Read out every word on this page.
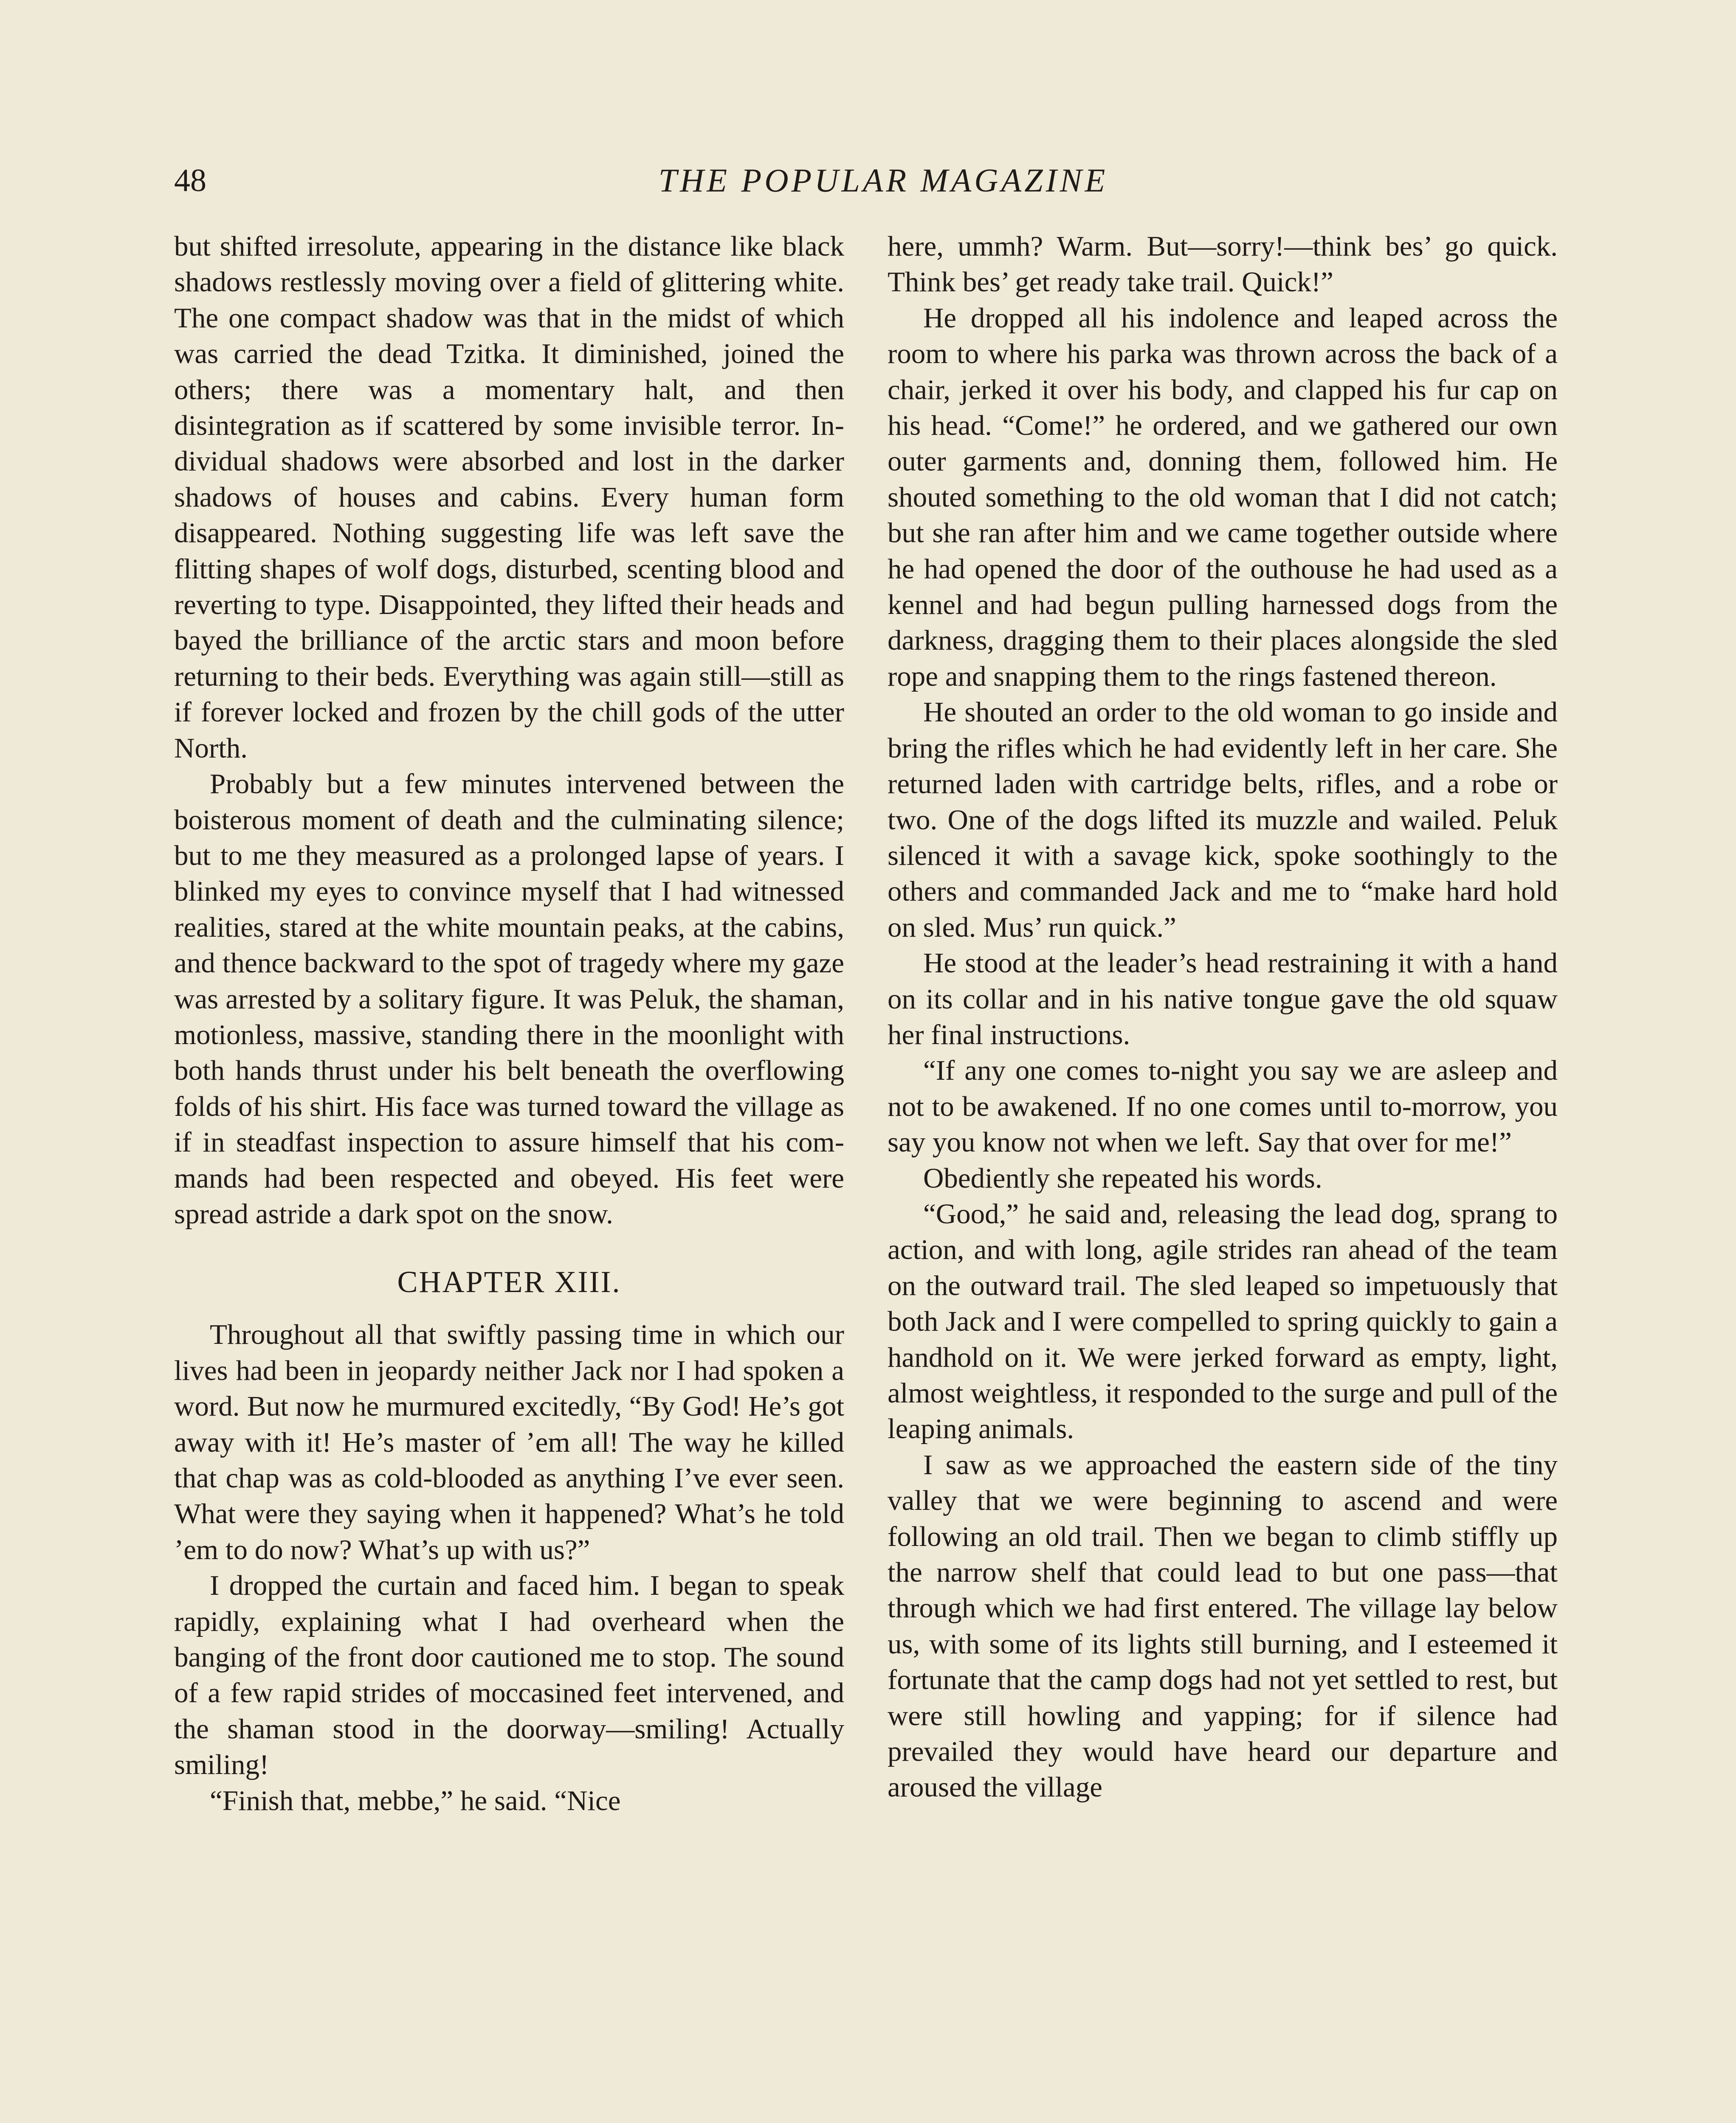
48	THE POPULAR MAGAZINE

but shifted irresolute, appearing in the distance like black shadows restlessly moving over a field of glittering white. The one compact shadow was that in the midst of which was carried the dead Tzitka. It diminished, joined the others; there was a momentary halt, and then disintegration as if scattered by some invisible terror. Individual shadows were absorbed and lost in the darker shadows of houses and cabins. Every human form disappeared. Nothing suggesting life was left save the flitting shapes of wolf dogs, disturbed, scenting blood and reverting to type. Disappointed, they lifted their heads and bayed the brilliance of the arctic stars and moon before returning to their beds. Everything was again still—still as if forever locked and frozen by the chill gods of the utter North.

Probably but a few minutes intervened between the boisterous moment of death and the culminating silence; but to me they measured as a prolonged lapse of years. I blinked my eyes to convince myself that I had witnessed realities, stared at the white mountain peaks, at the cabins, and thence backward to the spot of tragedy where my gaze was arrested by a solitary figure. It was Peluk, the shaman, motionless, massive, standing there in the moonlight with both hands thrust under his belt beneath the overflowing folds of his shirt. His face was turned toward the village as if in steadfast inspection to assure himself that his commands had been respected and obeyed. His feet were spread astride a dark spot on the snow.

CHAPTER XIII.

Throughout all that swiftly passing time in which our lives had been in jeopardy neither Jack nor I had spoken a word. But now he murmured excitedly, “By God! He’s got away with it! He’s master of ’em all! The way he killed that chap was as cold-blooded as anything I’ve ever seen. What were they saying when it happened? What’s he told ’em to do now? What’s up with us?”

I dropped the curtain and faced him. I began to speak rapidly, explaining what I had overheard when the banging of the front door cautioned me to stop. The sound of a few rapid strides of moccasined feet intervened, and the shaman stood in the doorway—smiling! Actually smiling!

“Finish that, mebbe,” he said. “Nice

here, ummh? Warm. But—sorry!—think bes’ go quick. Think bes’ get ready take trail. Quick!”

He dropped all his indolence and leaped across the room to where his parka was thrown across the back of a chair, jerked it over his body, and clapped his fur cap on his head. “Come!” he ordered, and we gathered our own outer garments and, donning them, followed him. He shouted something to the old woman that I did not catch; but she ran after him and we came together outside where he had opened the door of the outhouse he had used as a kennel and had begun pulling harnessed dogs from the darkness, dragging them to their places alongside the sled rope and snapping them to the rings fastened thereon.

He shouted an order to the old woman to go inside and bring the rifles which he had evidently left in her care. She returned laden with cartridge belts, rifles, and a robe or two. One of the dogs lifted its muzzle and wailed. Peluk silenced it with a savage kick, spoke soothingly to the others and commanded Jack and me to “make hard hold on sled. Mus’ run quick.”

He stood at the leader’s head restraining it with a hand on its collar and in his native tongue gave the old squaw her final instructions.

“If any one comes to-night you say we are asleep and not to be awakened. If no one comes until to-morrow, you say you know not when we left. Say that over for me!”

Obediently she repeated his words.

“Good,” he said and, releasing the lead dog, sprang to action, and with long, agile strides ran ahead of the team on the outward trail. The sled leaped so impetuously that both Jack and I were compelled to spring quickly to gain a handhold on it. We were jerked forward as empty, light, almost weightless, it responded to the surge and pull of the leaping animals.

I saw as we approached the eastern side of the tiny valley that we were beginning to ascend and were following an old trail. Then we began to climb stiffly up the narrow shelf that could lead to but one pass—that through which we had first entered. The village lay below us, with some of its lights still burning, and I esteemed it fortunate that the camp dogs had not yet settled to rest, but were still howling and yapping; for if silence had prevailed they would have heard our departure and aroused the village
